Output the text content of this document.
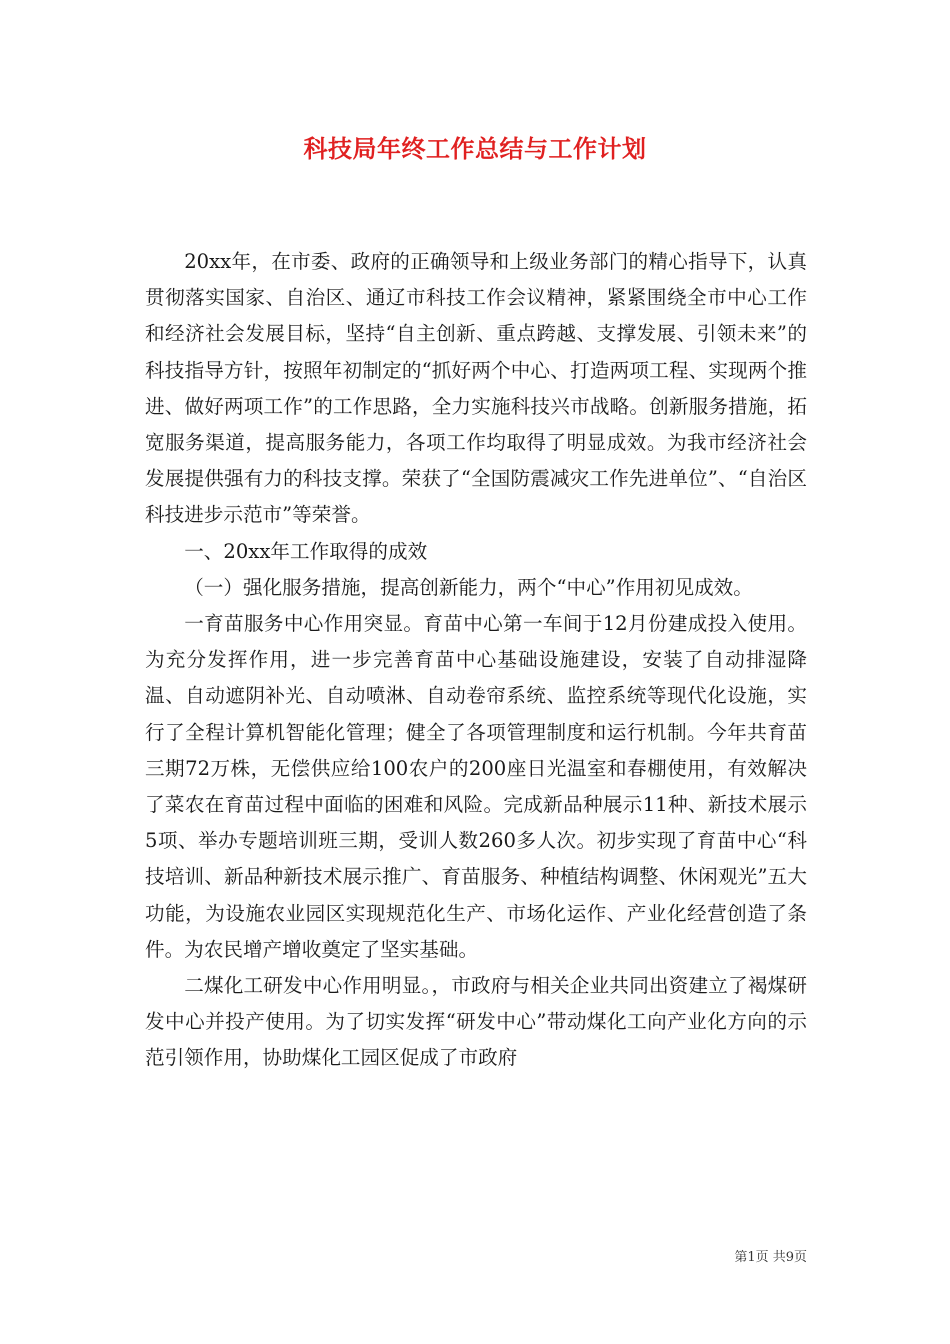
科技局年终工作总结与工作计划

20xx年，在市委、政府的正确领导和上级业务部门的精心指导下，认真贯彻落实国家、自治区、通辽市科技工作会议精神，紧紧围绕全市中心工作和经济社会发展目标，坚持“自主创新、重点跨越、支撑发展、引领未来”的科技指导方针，按照年初制定的“抓好两个中心、打造两项工程、实现两个推进、做好两项工作”的工作思路，全力实施科技兴市战略。创新服务措施，拓宽服务渠道，提高服务能力，各项工作均取得了明显成效。为我市经济社会发展提供强有力的科技支撑。荣获了“全国防震减灾工作先进单位”、“自治区科技进步示范市”等荣誉。

一、20xx年工作取得的成效

（一）强化服务措施，提高创新能力，两个“中心”作用初见成效。

一育苗服务中心作用突显。育苗中心第一车间于12月份建成投入使用。为充分发挥作用，进一步完善育苗中心基础设施建设，安装了自动排湿降温、自动遮阴补光、自动喷淋、自动卷帘系统、监控系统等现代化设施，实行了全程计算机智能化管理；健全了各项管理制度和运行机制。今年共育苗三期72万株，无偿供应给100农户的200座日光温室和春棚使用，有效解决了菜农在育苗过程中面临的困难和风险。完成新品种展示11种、新技术展示5项、举办专题培训班三期，受训人数260多人次。初步实现了育苗中心“科技培训、新品种新技术展示推广、育苗服务、种植结构调整、休闲观光”五大功能，为设施农业园区实现规范化生产、市场化运作、产业化经营创造了条件。为农民增产增收奠定了坚实基础。

二煤化工研发中心作用明显。，市政府与相关企业共同出资建立了褐煤研发中心并投产使用。为了切实发挥“研发中心”带动煤化工向产业化方向的示范引领作用，协助煤化工园区促成了市政府

第1页 共9页
